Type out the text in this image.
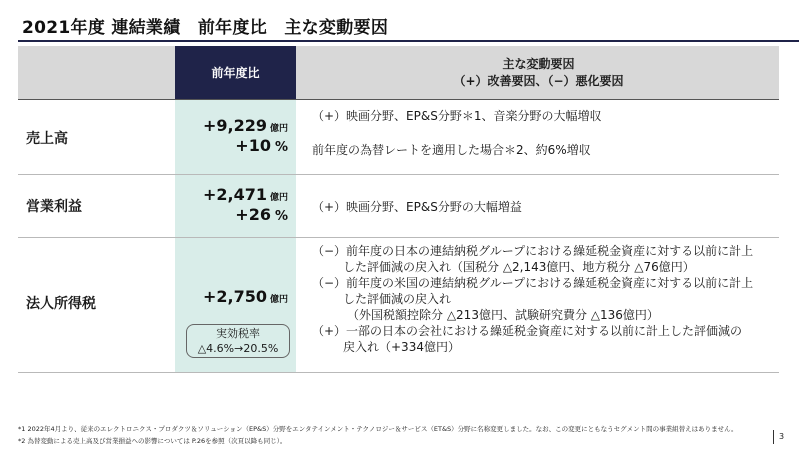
2021年度 連結業績　前年度比　主な変動要因
前年度比
主な変動要因
（+）改善要因、（−）悪化要因
売上高
+9,229 億円
+10 %
（+）映画分野、EP&S分野＊1、音楽分野の大幅増収
前年度の為替レートを適用した場合＊2、約6%増収
営業利益
+2,471 億円
+26 %
（+）映画分野、EP&S分野の大幅増益
法人所得税	+2,750 億円
実効税率
△4.6%→20.5%
（−）前年度の日本の連結納税グループにおける繰延税金資産に対する以前に計上
した評価減の戻入れ（国税分 △2,143億円、地方税分 △76億円）
（−）前年度の米国の連結納税グループにおける繰延税金資産に対する以前に計上
した評価減の戻入れ
（外国税額控除分 △213億円、試験研究費分 △136億円）
（+）一部の日本の会社における繰延税金資産に対する以前に計上した評価減の
戻入れ（+334億円）
*1 2022年4月より、従来のエレクトロニクス・プロダクツ＆ソリューション（EP&S）分野をエンタテインメント・テクノロジー＆サービス（ET&S）分野に名称変更しました。なお、この変更にともなうセグメント間の事業組替えはありません。
*2 為替変動による売上高及び営業損益への影響については P.26を参照（次頁以降も同じ）。	3
